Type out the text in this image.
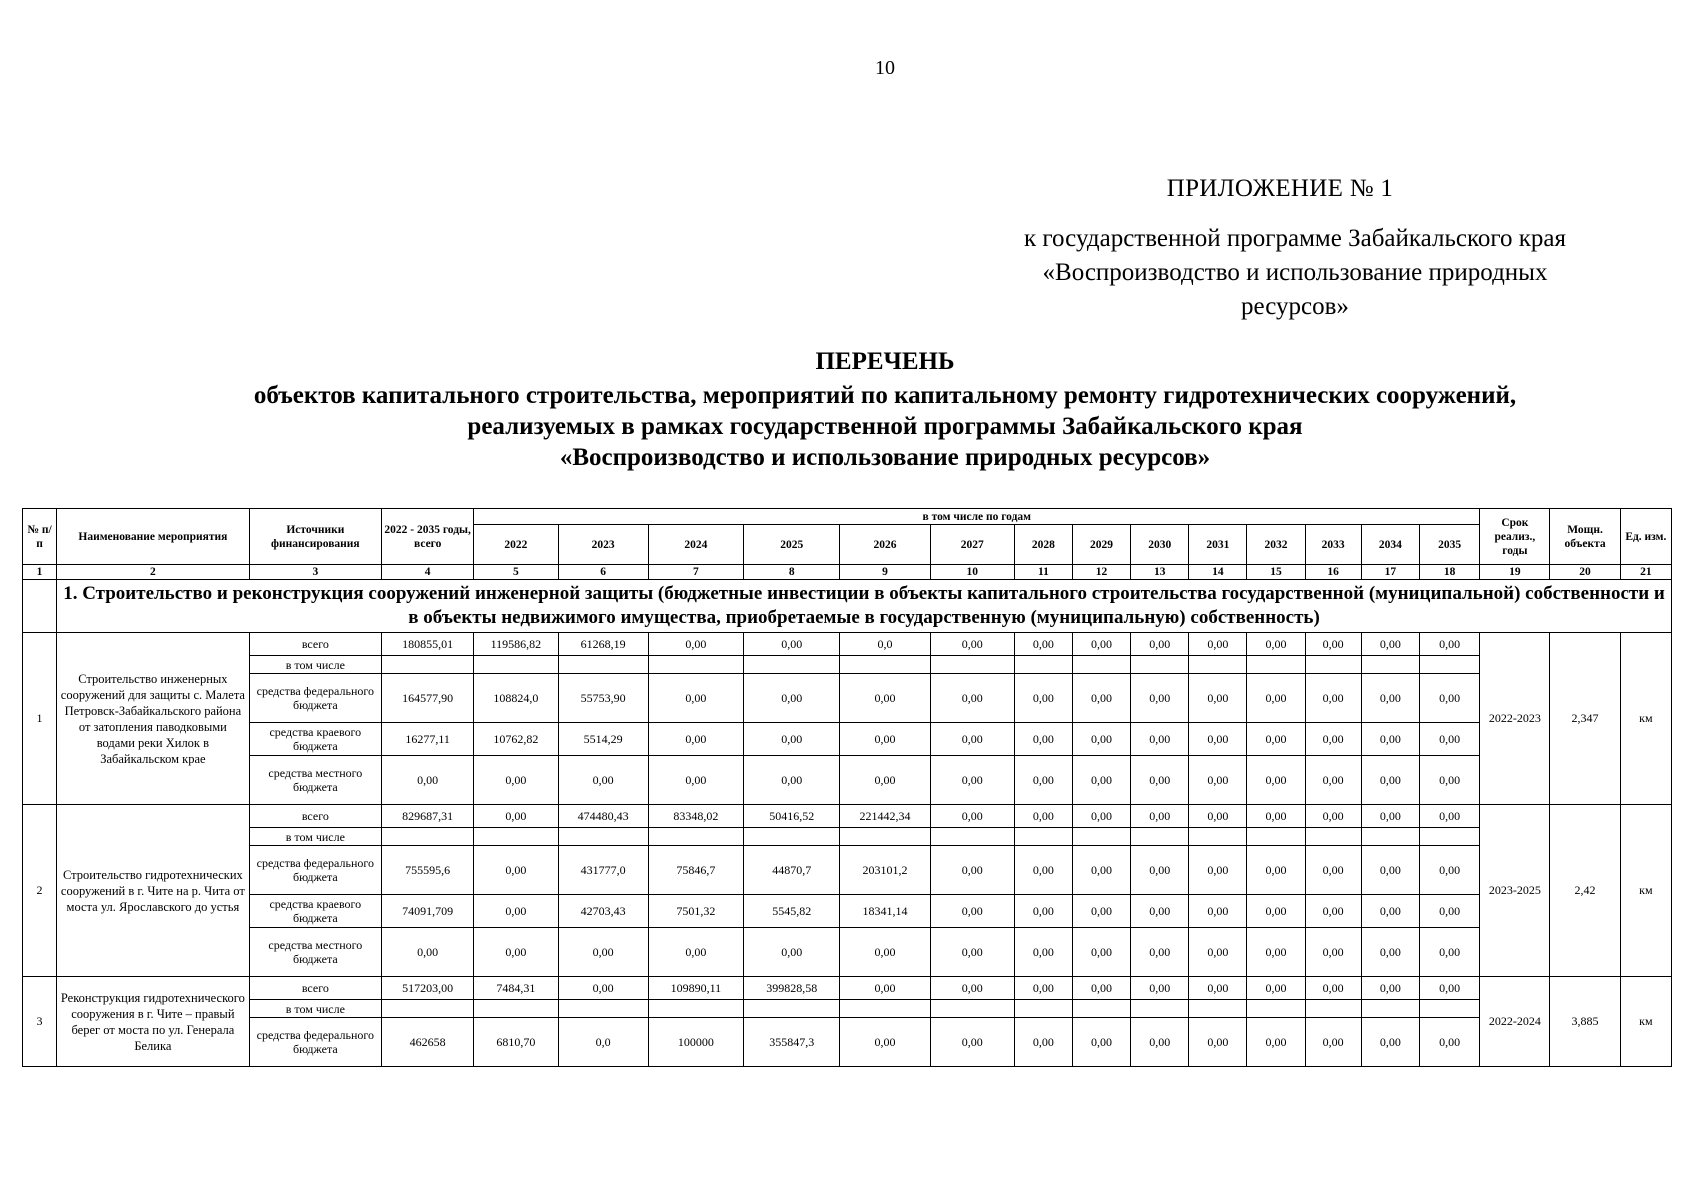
10
ПРИЛОЖЕНИЕ № 1
к государственной программе Забайкальского края
«Воспроизводство и использование природных
ресурсов»
ПЕРЕЧЕНЬ
объектов капитального строительства, мероприятий по капитальному ремонту гидротехнических сооружений,
реализуемых в рамках государственной программы Забайкальского края
«Воспроизводство и использование природных ресурсов»
№ п/п	Наименование мероприятия	Источники финансирования	2022 - 2035 годы, всего	в том числе по годам														Срок реализ., годы	Мощн. объекта	Ед. изм.
				2022	2023	2024	2025	2026	2027	2028	2029	2030	2031	2032	2033	2034	2035			
1	2	3	4	5	6	7	8	9	10	11	12	13	14	15	16	17	18	19	20	21
	1. Строительство и реконструкция сооружений инженерной защиты (бюджетные инвестиции в объекты капитального строительства государственной (муниципальной) собственности и в объекты недвижимого имущества, приобретаемые в государственную (муниципальную) собственность)																			
1	Строительство инженерных сооружений для защиты с. Малета Петровск-Забайкальского района от затопления паводковыми водами реки Хилок в Забайкальском крае	всего	180855,01	119586,82	61268,19	0,00	0,00	0,0	0,00	0,00	0,00	0,00	0,00	0,00	0,00	0,00	0,00	2022-2023	2,347	км
		в том числе																		
		средства федерального бюджета	164577,90	108824,0	55753,90	0,00	0,00	0,00	0,00	0,00	0,00	0,00	0,00	0,00	0,00	0,00	0,00			
		средства краевого бюджета	16277,11	10762,82	5514,29	0,00	0,00	0,00	0,00	0,00	0,00	0,00	0,00	0,00	0,00	0,00	0,00			
		средства местного бюджета	0,00	0,00	0,00	0,00	0,00	0,00	0,00	0,00	0,00	0,00	0,00	0,00	0,00	0,00	0,00			
2	Строительство гидротехнических сооружений в г. Чите на р. Чита от моста ул. Ярославского до устья	всего	829687,31	0,00	474480,43	83348,02	50416,52	221442,34	0,00	0,00	0,00	0,00	0,00	0,00	0,00	0,00	0,00	2023-2025	2,42	км
		в том числе																		
		средства федерального бюджета	755595,6	0,00	431777,0	75846,7	44870,7	203101,2	0,00	0,00	0,00	0,00	0,00	0,00	0,00	0,00	0,00			
		средства краевого бюджета	74091,709	0,00	42703,43	7501,32	5545,82	18341,14	0,00	0,00	0,00	0,00	0,00	0,00	0,00	0,00	0,00			
		средства местного бюджета	0,00	0,00	0,00	0,00	0,00	0,00	0,00	0,00	0,00	0,00	0,00	0,00	0,00	0,00	0,00			
3	Реконструкция гидротехнического сооружения в г. Чите – правый берег от моста по ул. Генерала Белика	всего	517203,00	7484,31	0,00	109890,11	399828,58	0,00	0,00	0,00	0,00	0,00	0,00	0,00	0,00	0,00	0,00	2022-2024	3,885	км
		в том числе																		
		средства федерального бюджета	462658	6810,70	0,0	100000	355847,3	0,00	0,00	0,00	0,00	0,00	0,00	0,00	0,00	0,00	0,00			
